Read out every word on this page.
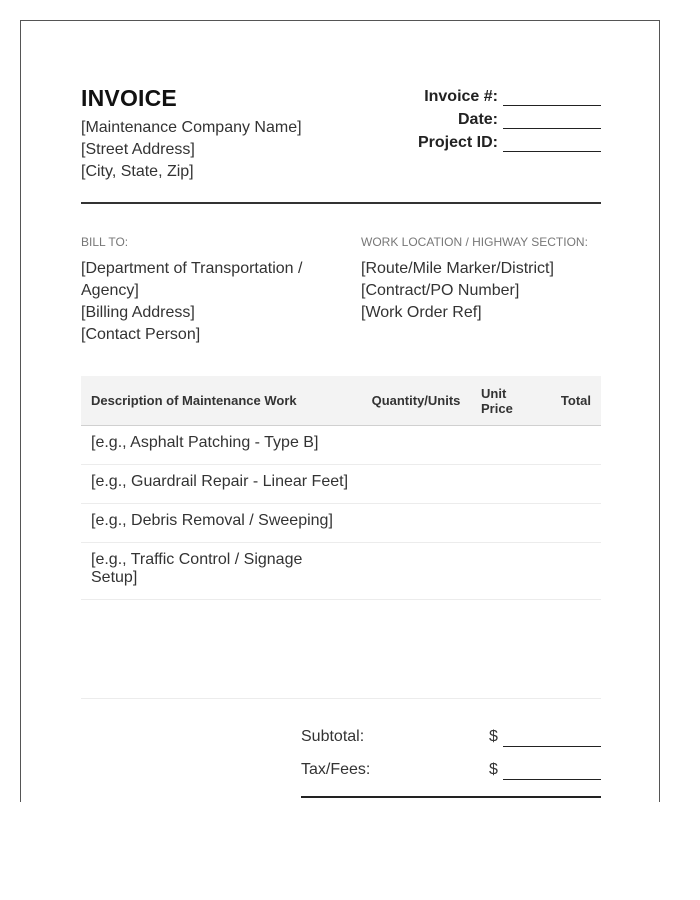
INVOICE
[Maintenance Company Name]
[Street Address]
[City, State, Zip]
Invoice #:
Date:
Project ID:
BILL TO:
[Department of Transportation /
Agency]
[Billing Address]
[Contact Person]
WORK LOCATION / HIGHWAY SECTION:
[Route/Mile Marker/District]
[Contract/PO Number]
[Work Order Ref]
Description of Maintenance Work	Quantity/Units	Unit Price	Total
[e.g., Asphalt Patching - Type B]			
[e.g., Guardrail Repair - Linear Feet]			
[e.g., Debris Removal / Sweeping]			
[e.g., Traffic Control / Signage Setup]			

Subtotal:	$
Tax/Fees:	$
